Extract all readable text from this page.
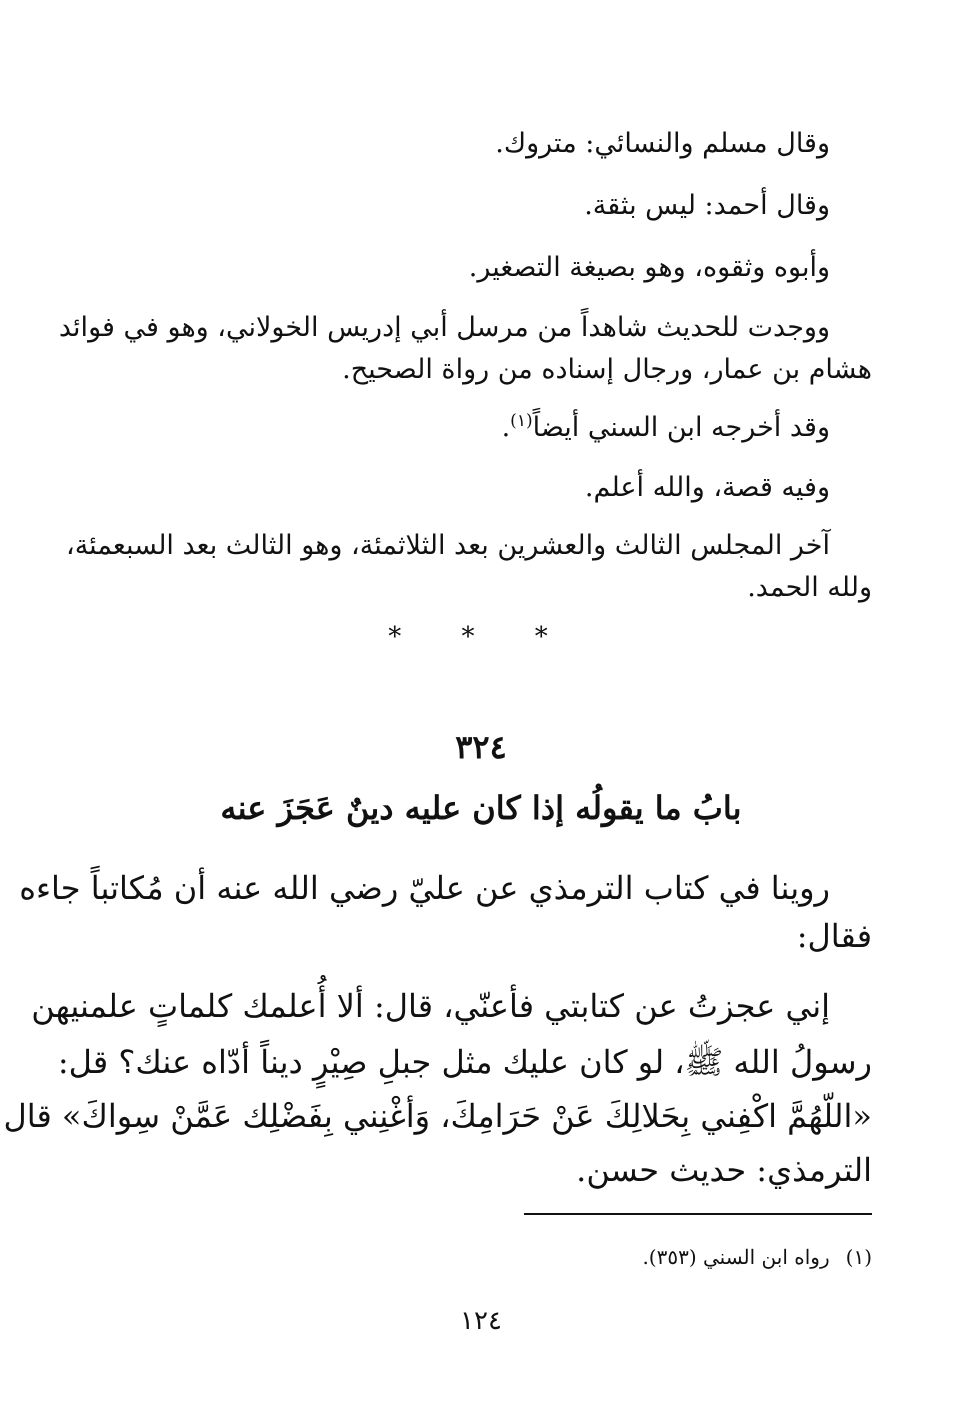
وقال مسلم والنسائي: متروك.
وقال أحمد: ليس بثقة.
وأبوه وثقوه، وهو بصيغة التصغير.
ووجدت للحديث شاهداً من مرسل أبي إدريس الخولاني، وهو في فوائد
هشام بن عمار، ورجال إسناده من رواة الصحيح.
وقد أخرجه ابن السني أيضاً$^{(١)}$.
وفيه قصة، والله أعلم.
آخر المجلس الثالث والعشرين بعد الثلاثمئة، وهو الثالث بعد السبعمئة،
ولله الحمد.
* * *
٣٢٤
بابُ ما يقولُه إذا كان عليه دينٌ عَجَزَ عنه
روينا في كتاب الترمذي عن عليّ رضي الله عنه أن مُكاتباً جاءه
فقال:
إني عجزتُ عن كتابتي فأعنّي، قال: ألا أُعلمك كلماتٍ علمنيهن
رسولُ الله ﷺ، لو كان عليك مثل جبلِ صِيْرٍ ديناً أدّاه عنك؟ قل:
«اللّهُمَّ اكْفِني بِحَلالِكَ عَنْ حَرَامِكَ، وَأغْنِني بِفَضْلِك عَمَّنْ سِواكَ» قال
الترمذي: حديث حسن.
(١)رواه ابن السني (٣٥٣).
١٢٤
